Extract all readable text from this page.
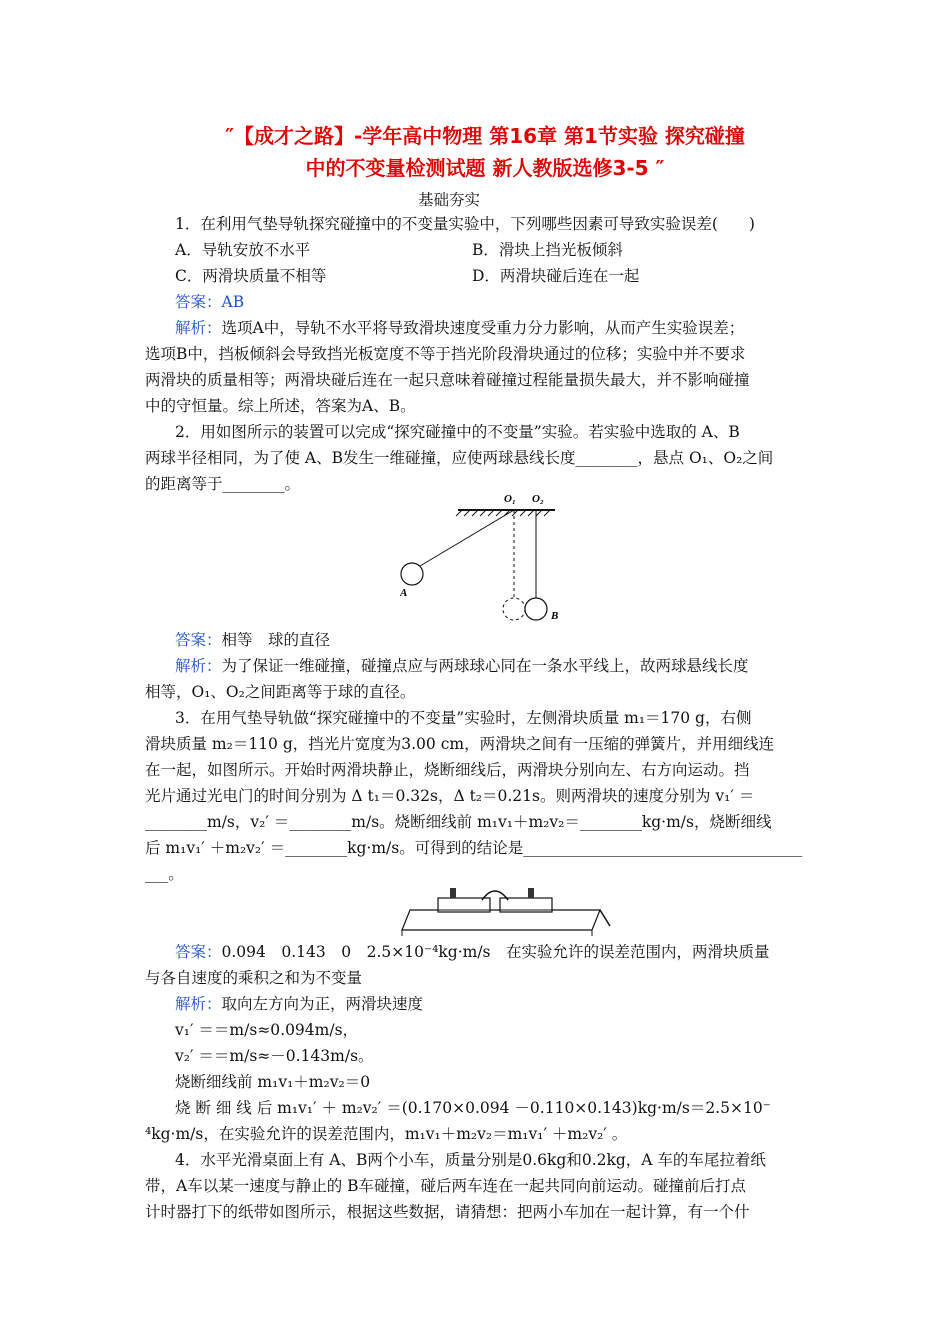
″【成才之路】-学年高中物理 第16章 第1节实验 探究碰撞
中的不变量检测试题 新人教版选修3-5 ″
基础夯实
1．在利用气垫导轨探究碰撞中的不变量实验中，下列哪些因素可导致实验误差(　　)
A．导轨安放不水平	B．滑块上挡光板倾斜
C．两滑块质量不相等	D．两滑块碰后连在一起
答案：AB
解析：选项A中，导轨不水平将导致滑块速度受重力分力影响，从而产生实验误差；
选项B中，挡板倾斜会导致挡光板宽度不等于挡光阶段滑块通过的位移；实验中并不要求
两滑块的质量相等；两滑块碰后连在一起只意味着碰撞过程能量损失最大，并不影响碰撞
中的守恒量。综上所述，答案为A、B。
2．用如图所示的装置可以完成“探究碰撞中的不变量”实验。若实验中选取的 A、B
两球半径相同，为了使 A、B发生一维碰撞，应使两球悬线长度________，悬点 O₁、O₂之间
的距离等于________。
O₁ O₂
A
B
答案：相等　球的直径
解析：为了保证一维碰撞，碰撞点应与两球球心同在一条水平线上，故两球悬线长度
相等，O₁、O₂之间距离等于球的直径。
3．在用气垫导轨做“探究碰撞中的不变量”实验时，左侧滑块质量 m₁＝170 g，右侧
滑块质量 m₂＝110 g，挡光片宽度为3.00 cm，两滑块之间有一压缩的弹簧片，并用细线连
在一起，如图所示。开始时两滑块静止，烧断细线后，两滑块分别向左、右方向运动。挡
光片通过光电门的时间分别为 Δ t₁＝0.32s，Δ t₂＝0.21s。则两滑块的速度分别为 v₁′ ＝
________m/s，v₂′ ＝________m/s。烧断细线前 m₁v₁＋m₂v₂＝________kg·m/s，烧断细线
后 m₁v₁′ ＋m₂v₂′ ＝________kg·m/s。可得到的结论是____________________________________
___。
答案：0.094　0.143　0　2.5×10⁻⁴kg·m/s　在实验允许的误差范围内，两滑块质量
与各自速度的乘积之和为不变量
解析：取向左方向为正，两滑块速度
v₁′ ＝＝m/s≈0.094m/s，
v₂′ ＝＝m/s≈－0.143m/s。
烧断细线前 m₁v₁＋m₂v₂＝0
烧 断 细 线 后 m₁v₁′ ＋ m₂v₂′ ＝(0.170×0.094 －0.110×0.143)kg·m/s＝2.5×10⁻
⁴kg·m/s，在实验允许的误差范围内，m₁v₁＋m₂v₂＝m₁v₁′ ＋m₂v₂′ 。
4．水平光滑桌面上有 A、B两个小车，质量分别是0.6kg和0.2kg，A 车的车尾拉着纸
带，A车以某一速度与静止的 B车碰撞，碰后两车连在一起共同向前运动。碰撞前后打点
计时器打下的纸带如图所示，根据这些数据，请猜想：把两小车加在一起计算，有一个什
